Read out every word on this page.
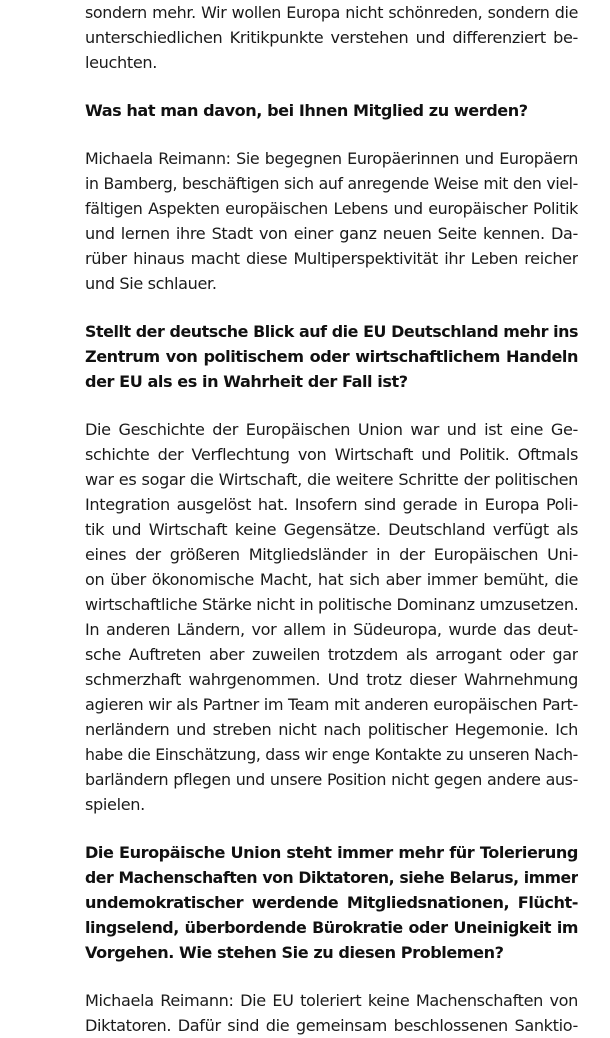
sondern mehr. Wir wollen Europa nicht schönreden, sondern die
unterschiedlichen Kritikpunkte verstehen und differenziert be-
leuchten.
Was hat man davon, bei Ihnen Mitglied zu werden?
Michaela Reimann: Sie begegnen Europäerinnen und Europäern
in Bamberg, beschäftigen sich auf anregende Weise mit den viel-
fältigen Aspekten europäischen Lebens und europäischer Politik
und lernen ihre Stadt von einer ganz neuen Seite kennen. Da-
rüber hinaus macht diese Multiperspektivität ihr Leben reicher
und Sie schlauer.
Stellt der deutsche Blick auf die EU Deutschland mehr ins
Zentrum von politischem oder wirtschaftlichem Handeln
der EU als es in Wahrheit der Fall ist?
Die Geschichte der Europäischen Union war und ist eine Ge-
schichte der Verflechtung von Wirtschaft und Politik. Oftmals
war es sogar die Wirtschaft, die weitere Schritte der politischen
Integration ausgelöst hat. Insofern sind gerade in Europa Poli-
tik und Wirtschaft keine Gegensätze. Deutschland verfügt als
eines der größeren Mitgliedsländer in der Europäischen Uni-
on über ökonomische Macht, hat sich aber immer bemüht, die
wirtschaftliche Stärke nicht in politische Dominanz umzusetzen.
In anderen Ländern, vor allem in Südeuropa, wurde das deut-
sche Auftreten aber zuweilen trotzdem als arrogant oder gar
schmerzhaft wahrgenommen. Und trotz dieser Wahrnehmung
agieren wir als Partner im Team mit anderen europäischen Part-
nerländern und streben nicht nach politischer Hegemonie. Ich
habe die Einschätzung, dass wir enge Kontakte zu unseren Nach-
barländern pflegen und unsere Position nicht gegen andere aus-
spielen.
Die Europäische Union steht immer mehr für Tolerierung
der Machenschaften von Diktatoren, siehe Belarus, immer
undemokratischer werdende Mitgliedsnationen, Flücht-
lingselend, überbordende Bürokratie oder Uneinigkeit im
Vorgehen. Wie stehen Sie zu diesen Problemen?
Michaela Reimann: Die EU toleriert keine Machenschaften von
Diktatoren. Dafür sind die gemeinsam beschlossenen Sanktio-
